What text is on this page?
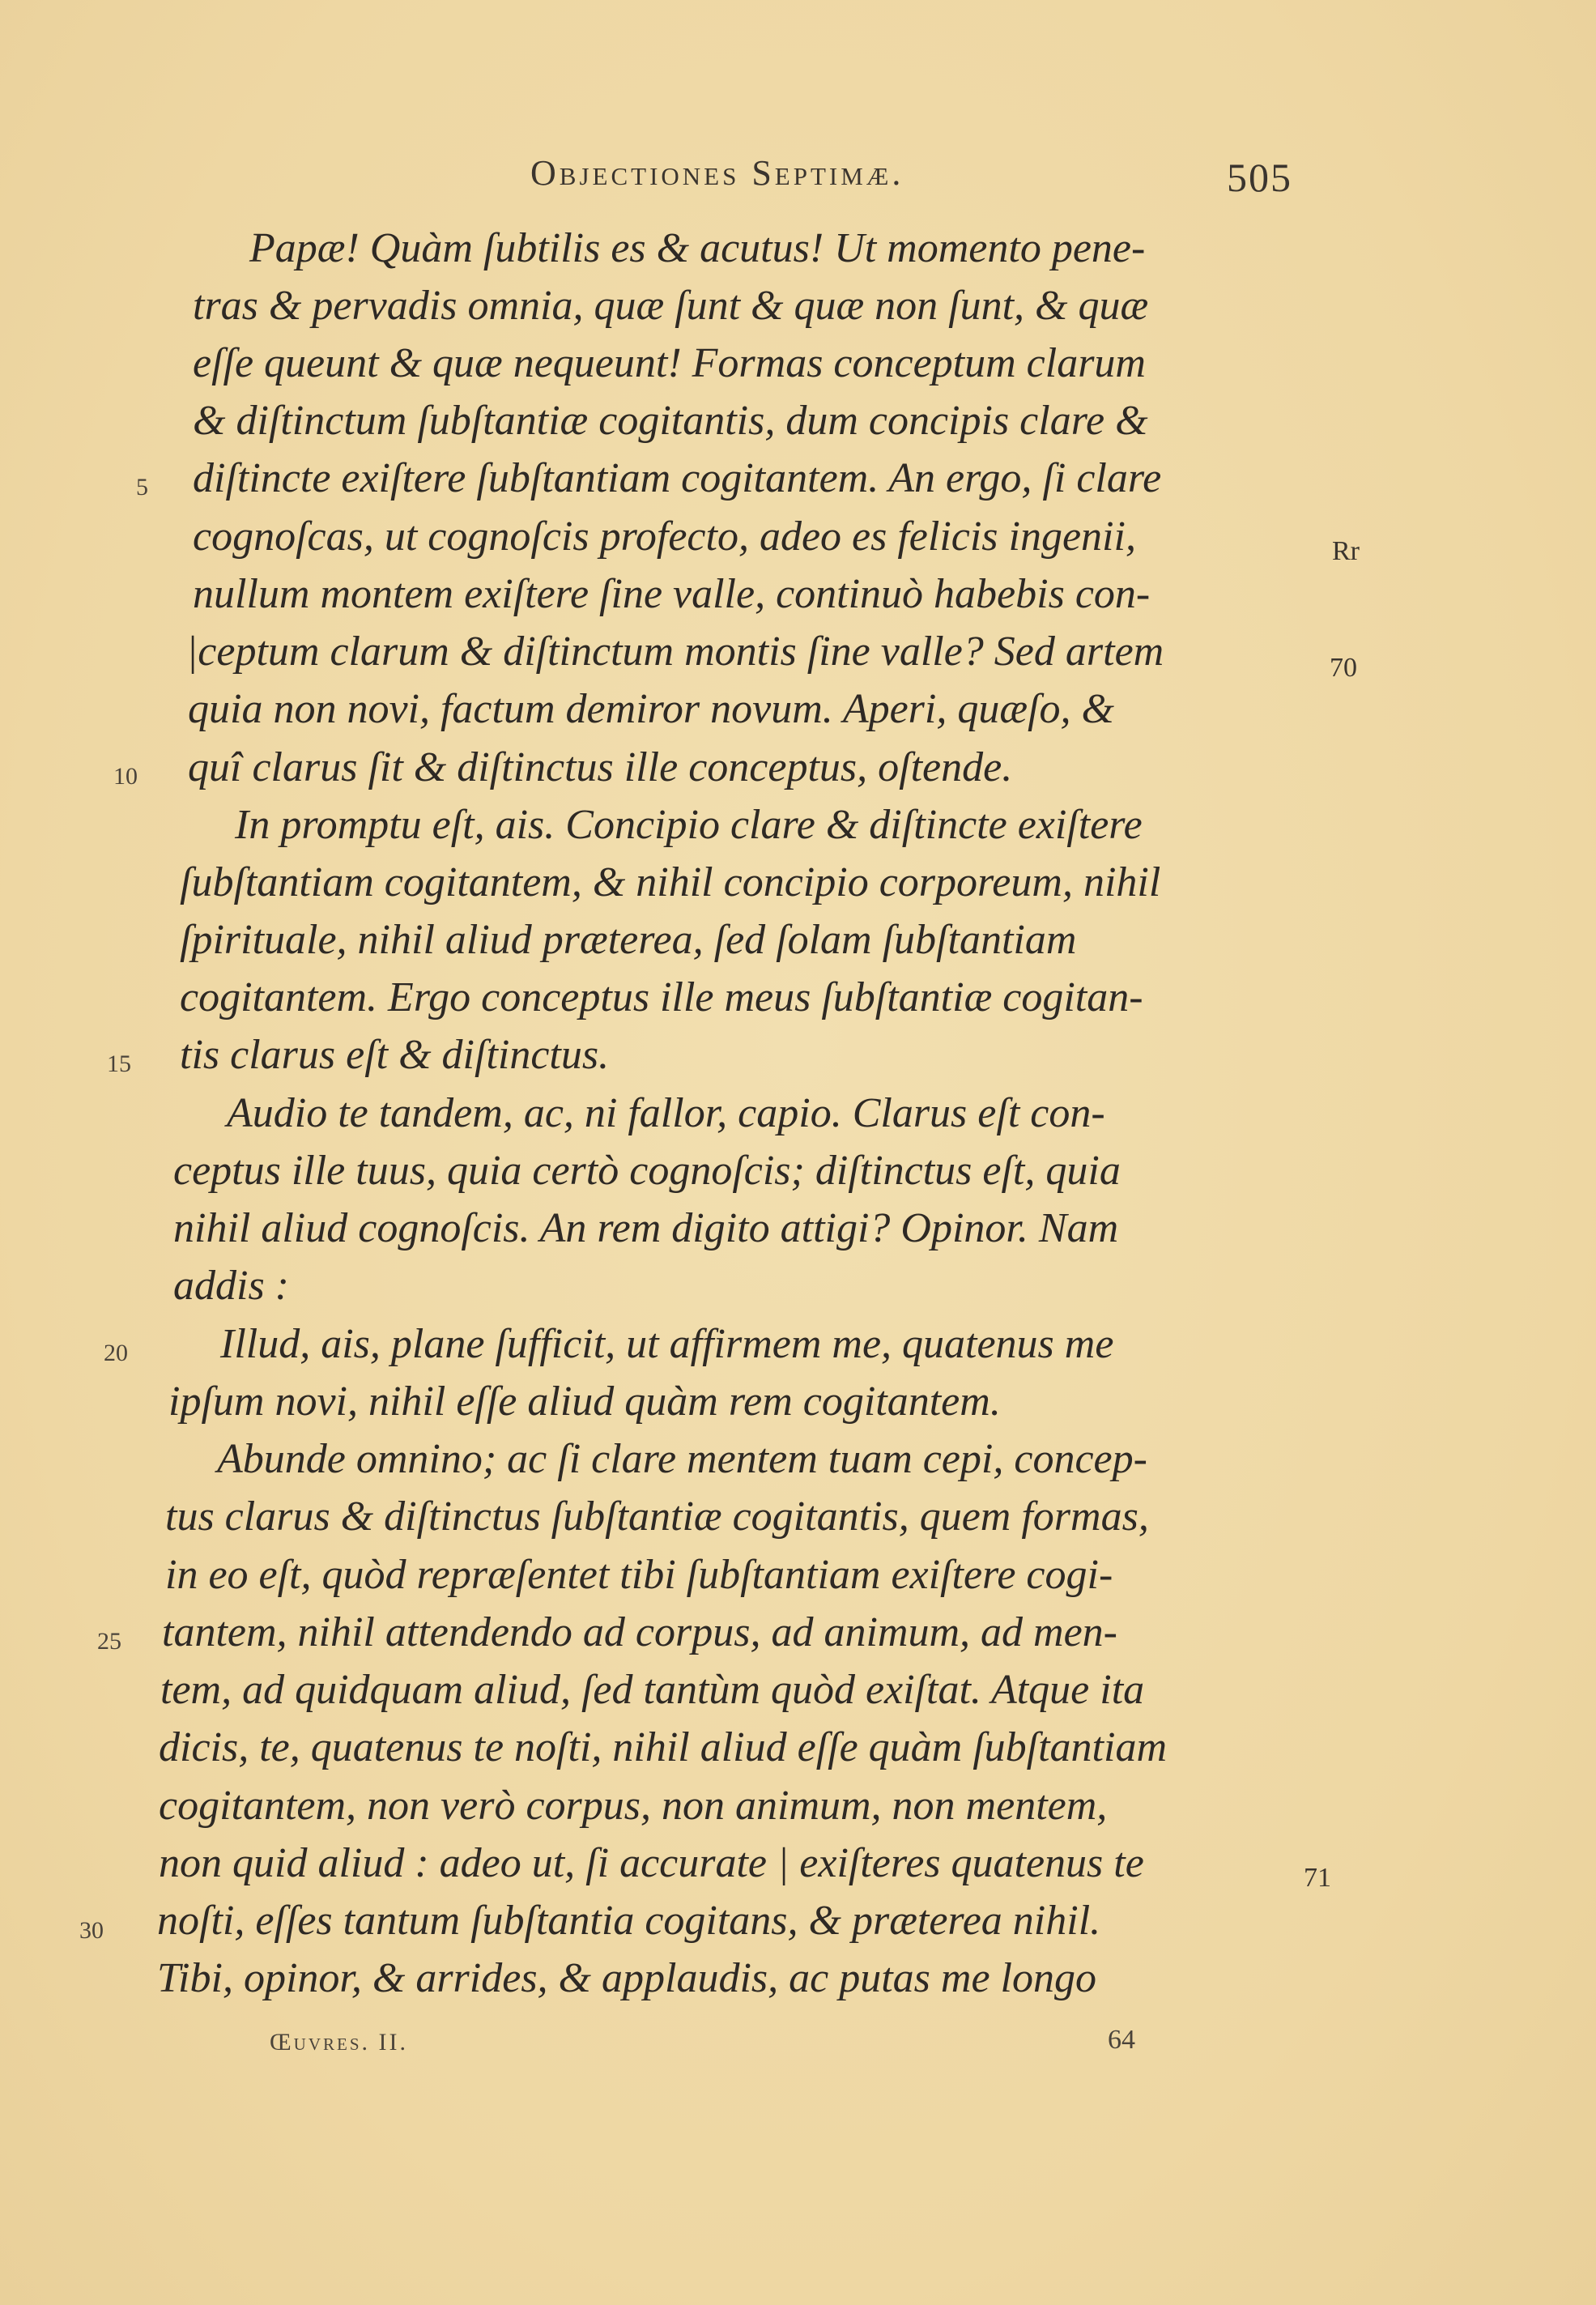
Objectiones Septimæ.	505
Papæ! Quàm ſubtilis es & acutus! Ut momento pene-
tras & pervadis omnia, quæ ſunt & quæ non ſunt, & quæ
eſſe queunt & quæ nequeunt! Formas conceptum clarum
& diſtinctum ſubſtantiæ cogitantis, dum concipis clare &
diſtincte exiſtere ſubſtantiam cogitantem. An ergo, ſi clare
cognoſcas, ut cognoſcis profecto, adeo es felicis ingenii,
nullum montem exiſtere ſine valle, continuò habebis con-
|ceptum clarum & diſtinctum montis ſine valle? Sed artem
quia non novi, factum demiror novum. Aperi, quæſo, &
quî clarus ſit & diſtinctus ille conceptus, oſtende.
In promptu eſt, ais. Concipio clare & diſtincte exiſtere
ſubſtantiam cogitantem, & nihil concipio corporeum, nihil
ſpirituale, nihil aliud præterea, ſed ſolam ſubſtantiam
cogitantem. Ergo conceptus ille meus ſubſtantiæ cogitan-
tis clarus eſt & diſtinctus.
Audio te tandem, ac, ni fallor, capio. Clarus eſt con-
ceptus ille tuus, quia certò cognoſcis; diſtinctus eſt, quia
nihil aliud cognoſcis. An rem digito attigi? Opinor. Nam
addis :
Illud, ais, plane ſufficit, ut affirmem me, quatenus me
ipſum novi, nihil eſſe aliud quàm rem cogitantem.
Abunde omnino; ac ſi clare mentem tuam cepi, concep-
tus clarus & diſtinctus ſubſtantiæ cogitantis, quem formas,
in eo eſt, quòd repræſentet tibi ſubſtantiam exiſtere cogi-
tantem, nihil attendendo ad corpus, ad animum, ad men-
tem, ad quidquam aliud, ſed tantùm quòd exiſtat. Atque ita
dicis, te, quatenus te noſti, nihil aliud eſſe quàm ſubſtantiam
cogitantem, non verò corpus, non animum, non mentem,
non quid aliud : adeo ut, ſi accurate | exiſteres quatenus te
noſti, eſſes tantum ſubſtantia cogitans, & præterea nihil.
Tibi, opinor, & arrides, & applaudis, ac putas me longo
5
10
15
20
25
30
Rr
70
71
Œuvres. II.	64
